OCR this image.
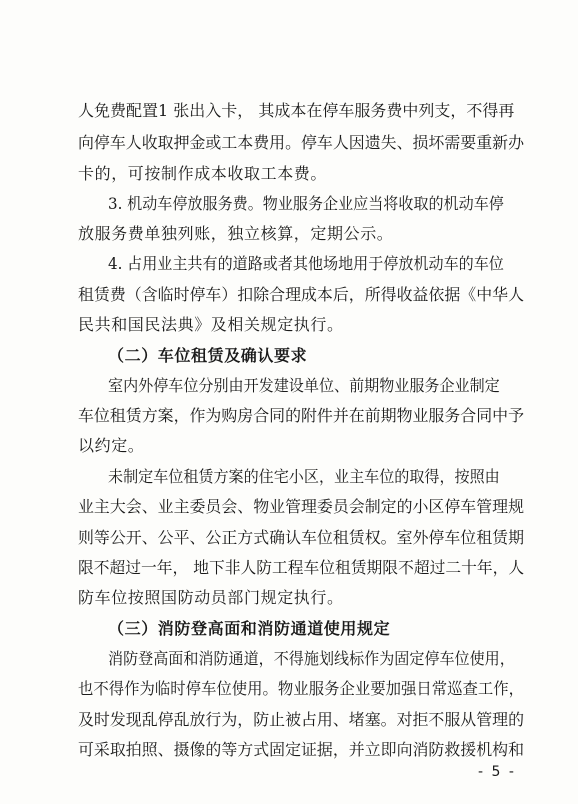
人免费配置1 张出入卡， 其成本在停车服务费中列支，不得再
向停车人收取押金或工本费用。停车人因遗失、损坏需要重新办
卡的，可按制作成本收取工本费。
3. 机动车停放服务费。物业服务企业应当将收取的机动车停
放服务费单独列账，独立核算，定期公示。
4. 占用业主共有的道路或者其他场地用于停放机动车的车位
租赁费（含临时停车）扣除合理成本后，所得收益依据《中华人
民共和国民法典》及相关规定执行。
（二）车位租赁及确认要求
室内外停车位分别由开发建设单位、前期物业服务企业制定
车位租赁方案，作为购房合同的附件并在前期物业服务合同中予
以约定。
未制定车位租赁方案的住宅小区，业主车位的取得，按照由
业主大会、业主委员会、物业管理委员会制定的小区停车管理规
则等公开、公平、公正方式确认车位租赁权。室外停车位租赁期
限不超过一年， 地下非人防工程车位租赁期限不超过二十年，人
防车位按照国防动员部门规定执行。
（三）消防登高面和消防通道使用规定
消防登高面和消防通道，不得施划线标作为固定停车位使用，
也不得作为临时停车位使用。物业服务企业要加强日常巡查工作，
及时发现乱停乱放行为，防止被占用、堵塞。对拒不服从管理的
可采取拍照、摄像的等方式固定证据，并立即向消防救援机构和
- 5 -
